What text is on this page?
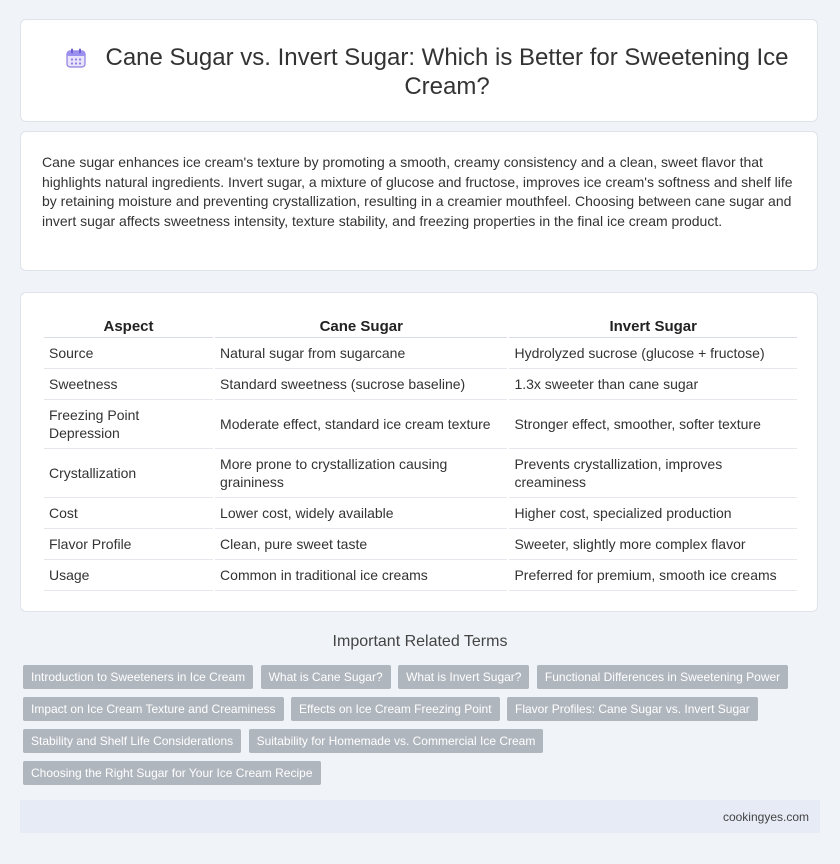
Cane Sugar vs. Invert Sugar: Which is Better for Sweetening Ice Cream?

Cane sugar enhances ice cream's texture by promoting a smooth, creamy consistency and a clean, sweet flavor that highlights natural ingredients. Invert sugar, a mixture of glucose and fructose, improves ice cream's softness and shelf life by retaining moisture and preventing crystallization, resulting in a creamier mouthfeel. Choosing between cane sugar and invert sugar affects sweetness intensity, texture stability, and freezing properties in the final ice cream product.

Aspect	Cane Sugar	Invert Sugar
Source	Natural sugar from sugarcane	Hydrolyzed sucrose (glucose + fructose)
Sweetness	Standard sweetness (sucrose baseline)	1.3x sweeter than cane sugar
Freezing Point Depression	Moderate effect, standard ice cream texture	Stronger effect, smoother, softer texture
Crystallization	More prone to crystallization causing graininess	Prevents crystallization, improves creaminess
Cost	Lower cost, widely available	Higher cost, specialized production
Flavor Profile	Clean, pure sweet taste	Sweeter, slightly more complex flavor
Usage	Common in traditional ice creams	Preferred for premium, smooth ice creams
Important Related Terms
Introduction to Sweeteners in Ice Cream What is Cane Sugar? What is Invert Sugar? Functional Differences in Sweetening Power Impact on Ice Cream Texture and Creaminess Effects on Ice Cream Freezing Point Flavor Profiles: Cane Sugar vs. Invert Sugar Stability and Shelf Life Considerations Suitability for Homemade vs. Commercial Ice Cream Choosing the Right Sugar for Your Ice Cream Recipe
cookingyes.com
